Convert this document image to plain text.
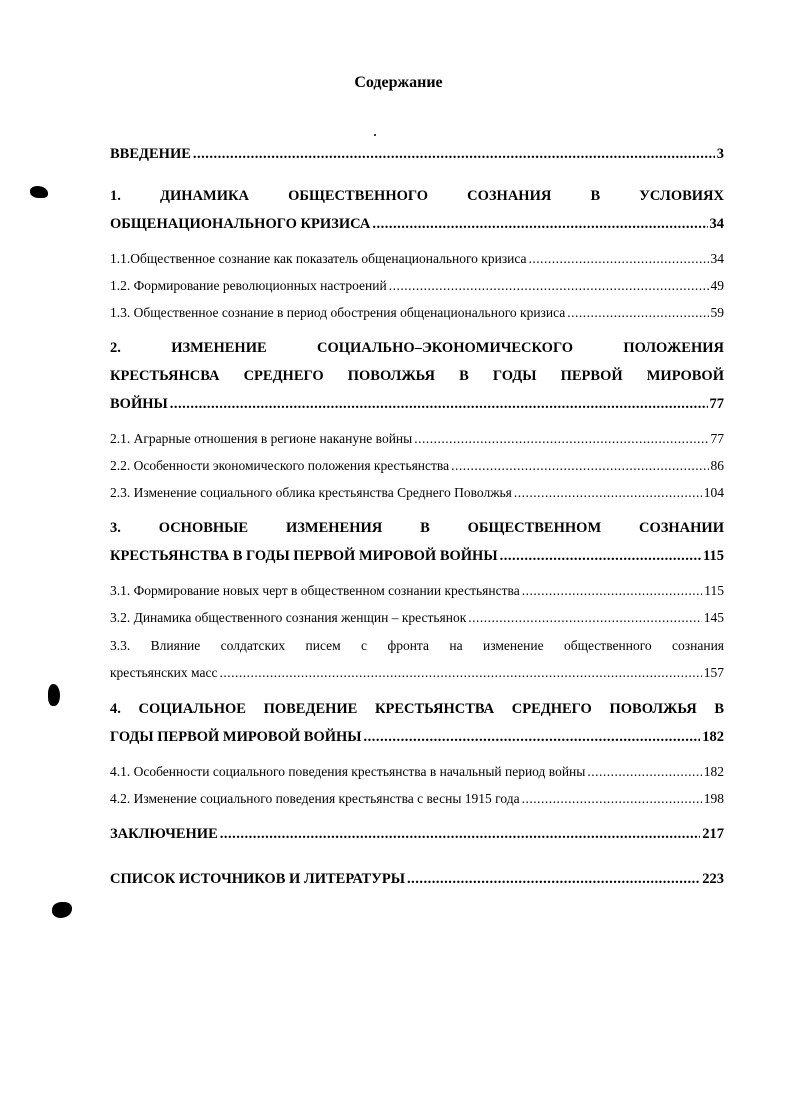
Содержание
ВВЕДЕНИЕ .....	3
1. ДИНАМИКА ОБЩЕСТВЕННОГО СОЗНАНИЯ В УСЛОВИЯХ
ОБЩЕНАЦИОНАЛЬНОГО КРИЗИСА .....	34
1.1.Общественное сознание как показатель общенационального кризиса .....	34
1.2. Формирование революционных настроений .....	49
1.3. Общественное сознание в период обострения общенационального кризиса .....	59
2. ИЗМЕНЕНИЕ СОЦИАЛЬНО–ЭКОНОМИЧЕСКОГО ПОЛОЖЕНИЯ
КРЕСТЬЯНСВА СРЕДНЕГО ПОВОЛЖЬЯ В ГОДЫ ПЕРВОЙ МИРОВОЙ
ВОЙНЫ .....	77
2.1. Аграрные отношения в регионе накануне войны .....	77
2.2. Особенности экономического положения крестьянства .....	86
2.3. Изменение социального облика крестьянства Среднего Поволжья .....	104
3. ОСНОВНЫЕ ИЗМЕНЕНИЯ В ОБЩЕСТВЕННОМ СОЗНАНИИ
КРЕСТЬЯНСТВА В ГОДЫ ПЕРВОЙ МИРОВОЙ ВОЙНЫ .....	115
3.1. Формирование новых черт в общественном сознании крестьянства .....	115
3.2. Динамика общественного сознания женщин – крестьянок .....	145
3.3. Влияние солдатских писем с фронта на изменение общественного сознания
крестьянских масс .....	157
4. СОЦИАЛЬНОЕ ПОВЕДЕНИЕ КРЕСТЬЯНСТВА СРЕДНЕГО ПОВОЛЖЬЯ В
ГОДЫ ПЕРВОЙ МИРОВОЙ ВОЙНЫ .....	182
4.1. Особенности социального поведения крестьянства в начальный период войны .....	182
4.2. Изменение социального поведения крестьянства с весны 1915 года .....	198
ЗАКЛЮЧЕНИЕ .....	217
СПИСОК ИСТОЧНИКОВ И ЛИТЕРАТУРЫ .....	223
